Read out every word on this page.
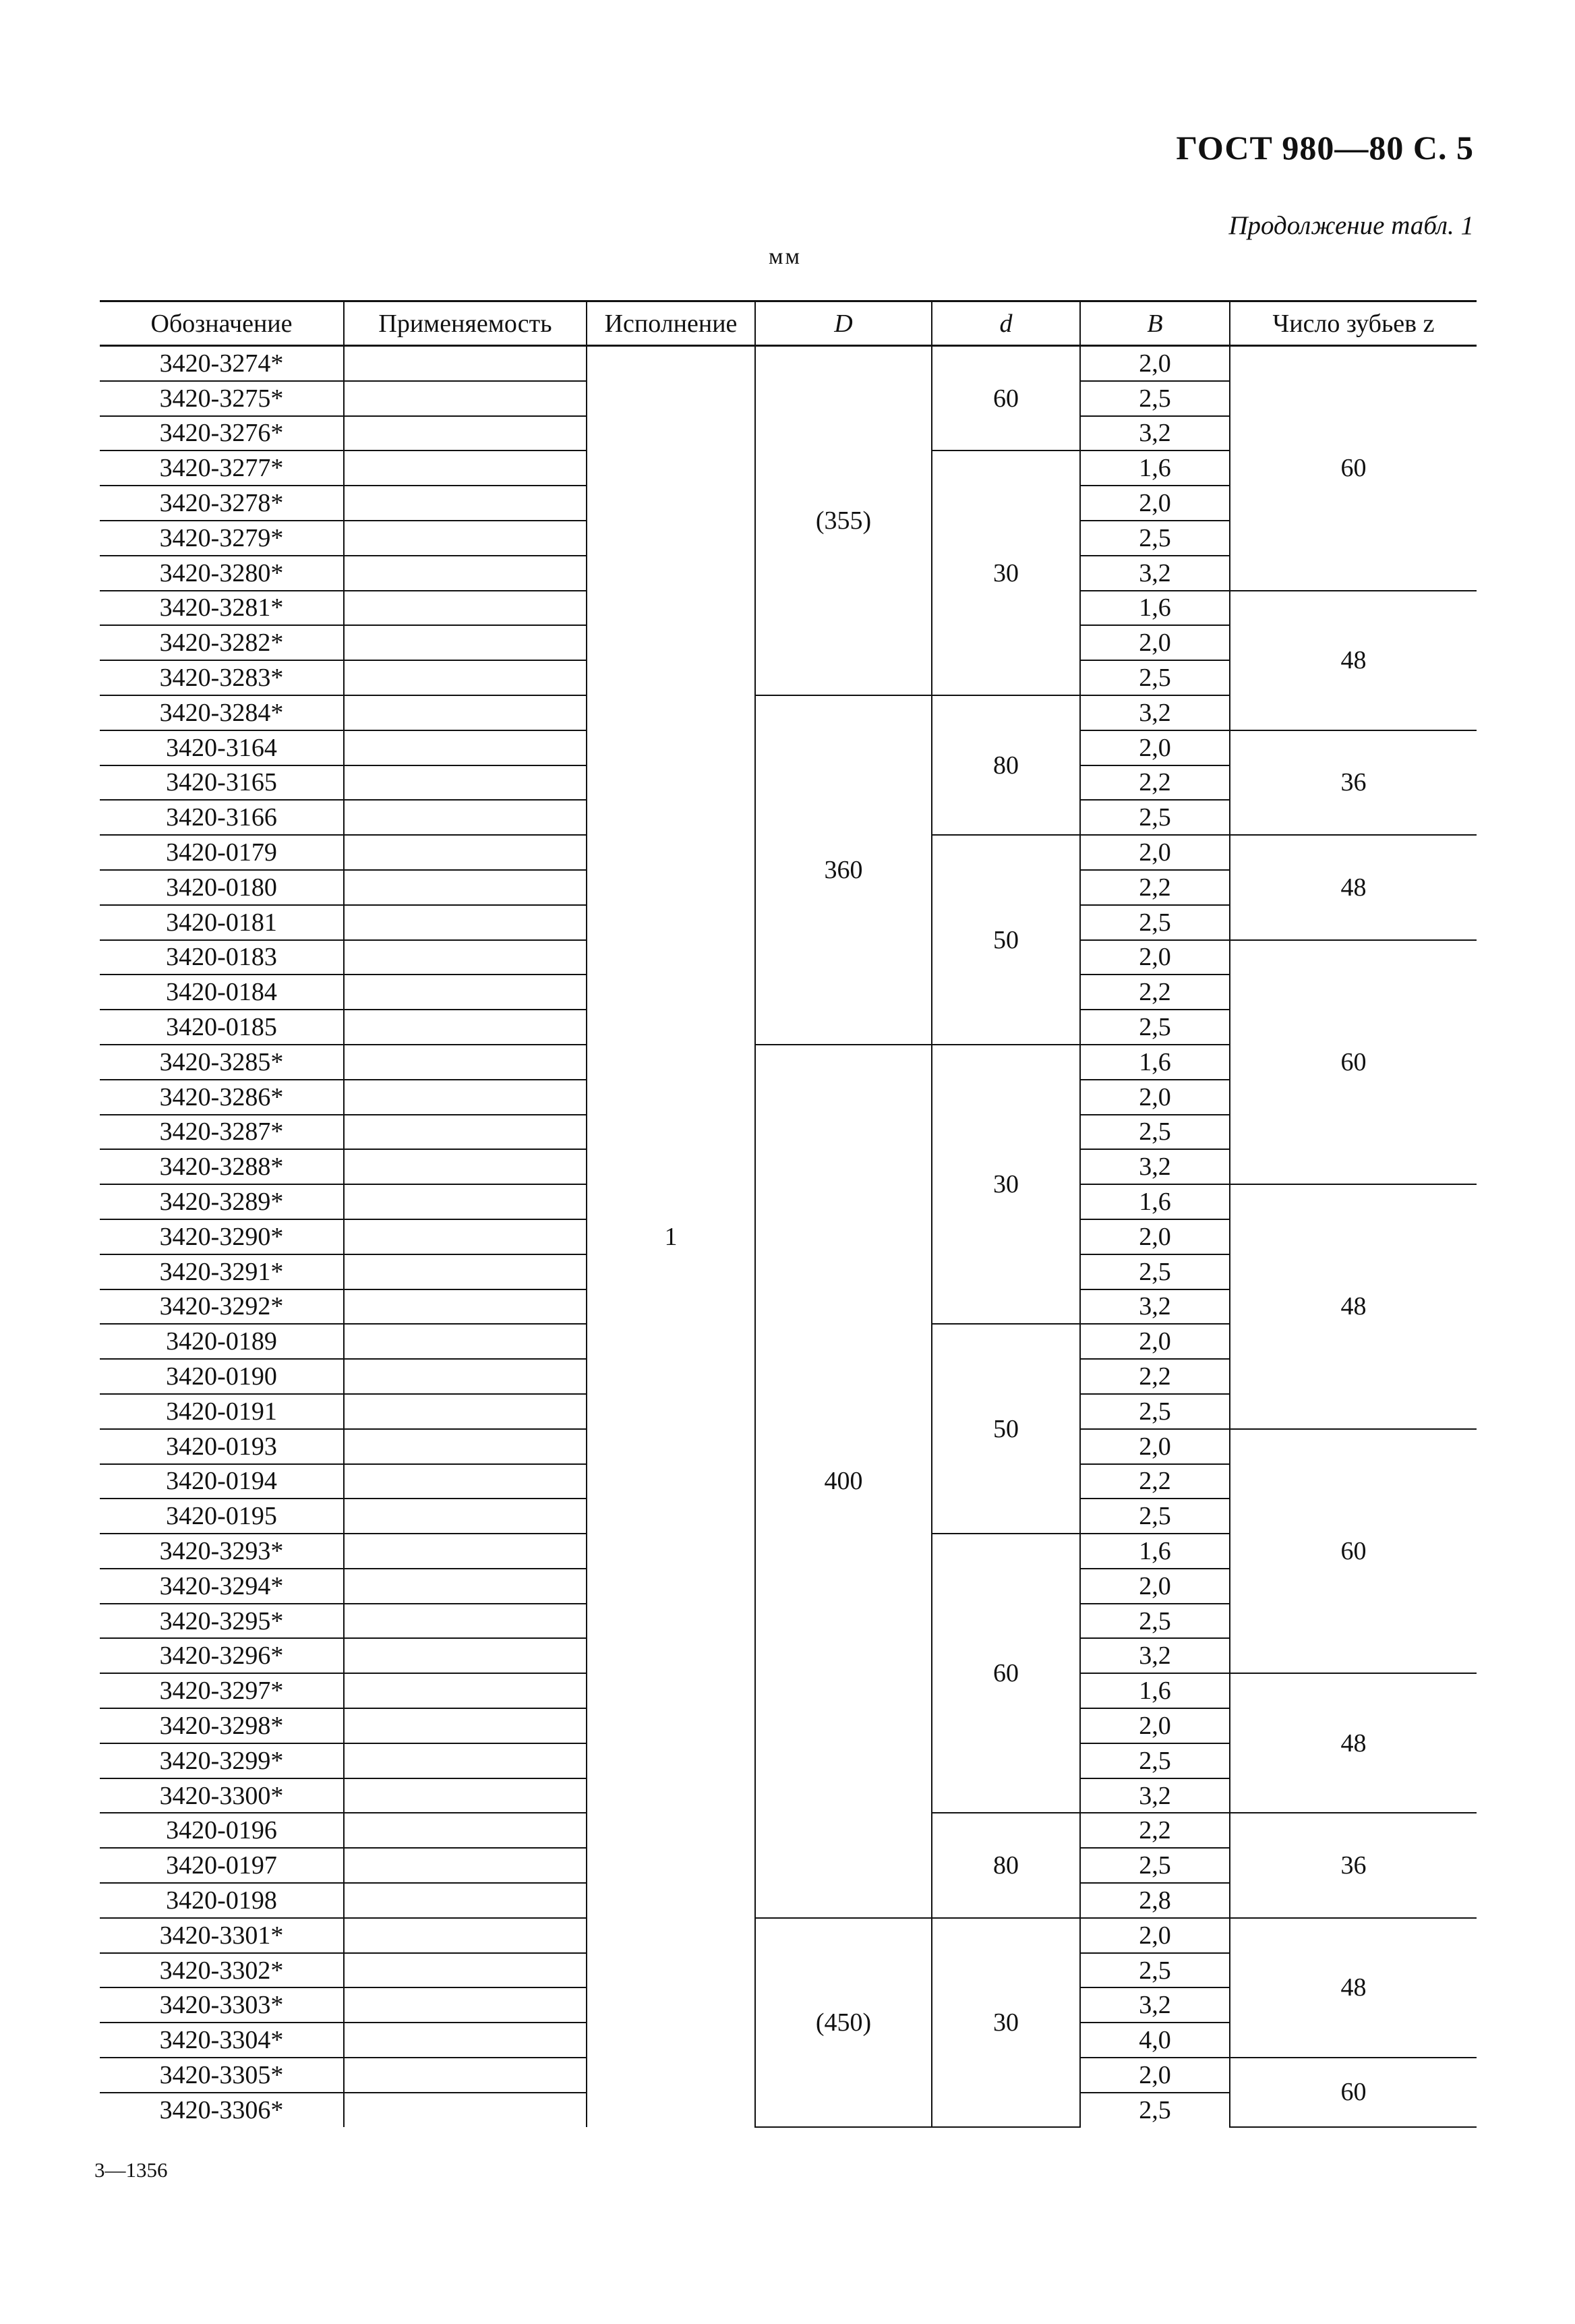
ГОСТ 980—80 С. 5
Продолжение табл. 1
мм
Обозначение	Применяемость	Исполнение	D	d	B	Число зубьев z
3420-3274*		1	(355)	60	2,0	60
3420-3275*					2,5	
3420-3276*					3,2	
3420-3277*				30	1,6	
3420-3278*					2,0	
3420-3279*					2,5	
3420-3280*					3,2	
3420-3281*					1,6	48
3420-3282*					2,0	
3420-3283*					2,5	
3420-3284*			360	80	3,2	
3420-3164					2,0	36
3420-3165					2,2	
3420-3166					2,5	
3420-0179				50	2,0	48
3420-0180					2,2	
3420-0181					2,5	
3420-0183					2,0	60
3420-0184					2,2	
3420-0185					2,5	
3420-3285*			400	30	1,6	
3420-3286*					2,0	
3420-3287*					2,5	
3420-3288*					3,2	
3420-3289*					1,6	48
3420-3290*					2,0	
3420-3291*					2,5	
3420-3292*					3,2	
3420-0189				50	2,0	
3420-0190					2,2	
3420-0191					2,5	
3420-0193					2,0	60
3420-0194					2,2	
3420-0195					2,5	
3420-3293*				60	1,6	
3420-3294*					2,0	
3420-3295*					2,5	
3420-3296*					3,2	
3420-3297*					1,6	48
3420-3298*					2,0	
3420-3299*					2,5	
3420-3300*					3,2	
3420-0196				80	2,2	36
3420-0197					2,5	
3420-0198					2,8	
3420-3301*			(450)	30	2,0	48
3420-3302*					2,5	
3420-3303*					3,2	
3420-3304*					4,0	
3420-3305*					2,0	60
3420-3306*					2,5	
3—1356
